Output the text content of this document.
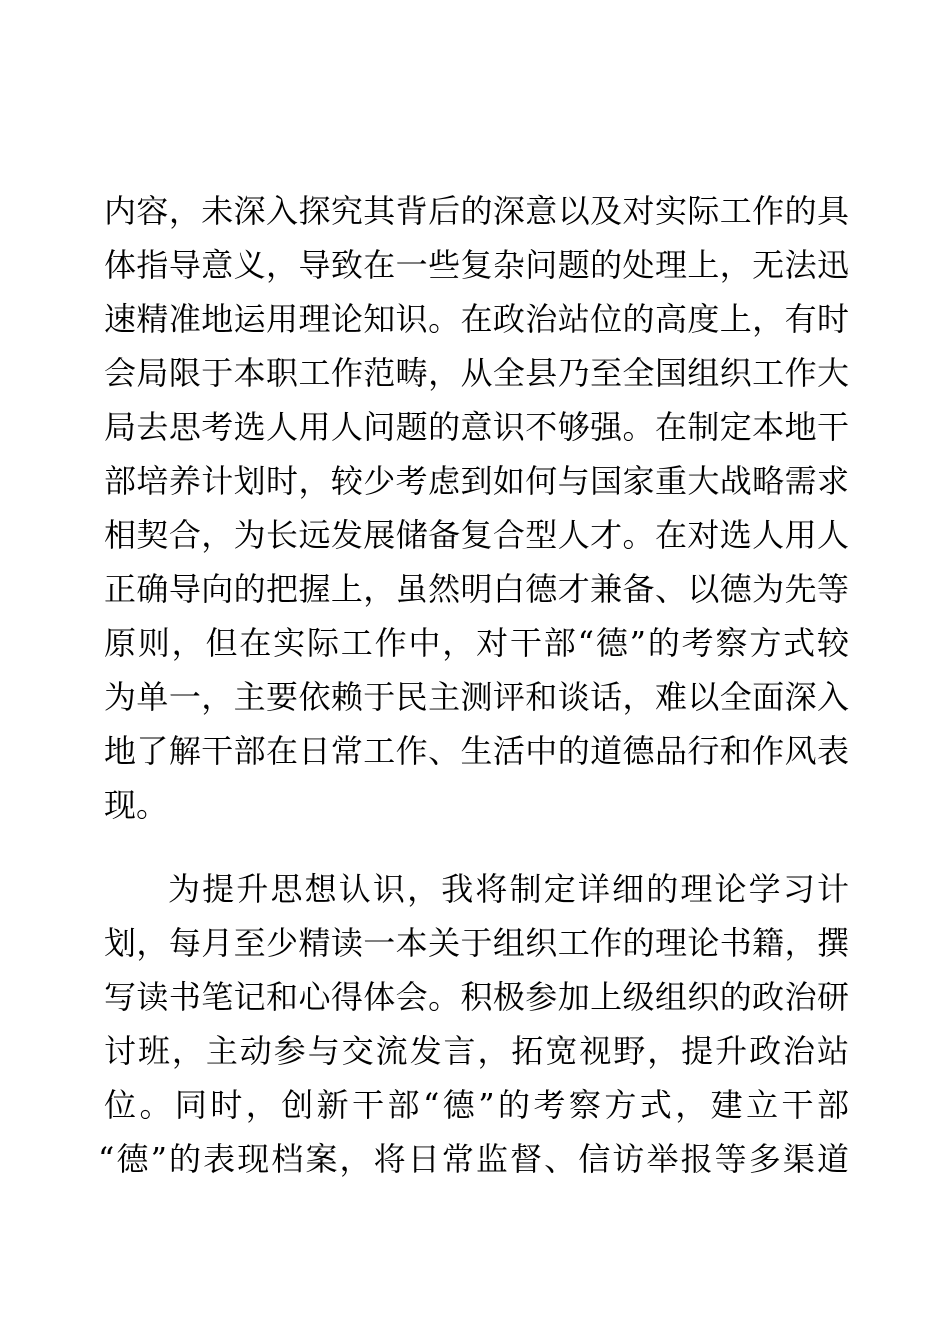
内容，未深入探究其背后的深意以及对实际工作的具
体指导意义，导致在一些复杂问题的处理上，无法迅
速精准地运用理论知识。在政治站位的高度上，有时
会局限于本职工作范畴，从全县乃至全国组织工作大
局去思考选人用人问题的意识不够强。在制定本地干
部培养计划时，较少考虑到如何与国家重大战略需求
相契合，为长远发展储备复合型人才。在对选人用人
正确导向的把握上，虽然明白德才兼备、以德为先等
原则，但在实际工作中，对干部“德”的考察方式较
为单一，主要依赖于民主测评和谈话，难以全面深入
地了解干部在日常工作、生活中的道德品行和作风表
现。
为提升思想认识，我将制定详细的理论学习计
划，每月至少精读一本关于组织工作的理论书籍，撰
写读书笔记和心得体会。积极参加上级组织的政治研
讨班，主动参与交流发言，拓宽视野，提升政治站
位。同时，创新干部“德”的考察方式，建立干部
“德”的表现档案，将日常监督、信访举报等多渠道
